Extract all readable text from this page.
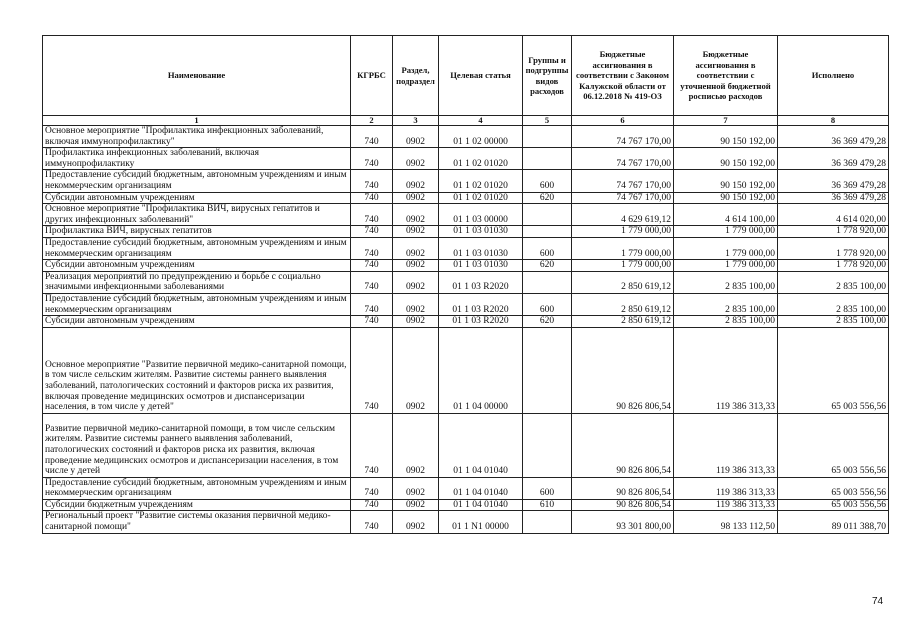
Наименование	КГРБС	Раздел, подраздел	Целевая статья	Группы и подгруппы видов расходов	Бюджетные ассигнования в соответствии с Законом Калужской области от 06.12.2018 № 419-ОЗ	Бюджетные ассигнования в соответствии с уточненной бюджетной росписью расходов	Исполнено
1	2	3	4	5	6	7	8
Основное мероприятие "Профилактика инфекционных заболеваний, включая иммунопрофилактику"	740	0902	01 1 02 00000		74 767 170,00	90 150 192,00	36 369 479,28
Профилактика инфекционных заболеваний, включая иммунопрофилактику	740	0902	01 1 02 01020		74 767 170,00	90 150 192,00	36 369 479,28
Предоставление субсидий бюджетным, автономным учреждениям и иным некоммерческим организациям	740	0902	01 1 02 01020	600	74 767 170,00	90 150 192,00	36 369 479,28
Субсидии автономным учреждениям	740	0902	01 1 02 01020	620	74 767 170,00	90 150 192,00	36 369 479,28
Основное мероприятие "Профилактика ВИЧ, вирусных гепатитов и других инфекционных заболеваний"	740	0902	01 1 03 00000		4 629 619,12	4 614 100,00	4 614 020,00
Профилактика ВИЧ, вирусных гепатитов	740	0902	01 1 03 01030		1 779 000,00	1 779 000,00	1 778 920,00
Предоставление субсидий бюджетным, автономным учреждениям и иным некоммерческим организациям	740	0902	01 1 03 01030	600	1 779 000,00	1 779 000,00	1 778 920,00
Субсидии автономным учреждениям	740	0902	01 1 03 01030	620	1 779 000,00	1 779 000,00	1 778 920,00
Реализация мероприятий по предупреждению и борьбе с социально значимыми инфекционными заболеваниями	740	0902	01 1 03 R2020		2 850 619,12	2 835 100,00	2 835 100,00
Предоставление субсидий бюджетным, автономным учреждениям и иным некоммерческим организациям	740	0902	01 1 03 R2020	600	2 850 619,12	2 835 100,00	2 835 100,00
Субсидии автономным учреждениям	740	0902	01 1 03 R2020	620	2 850 619,12	2 835 100,00	2 835 100,00
Основное мероприятие "Развитие первичной медико-санитарной помощи, в том числе сельским жителям. Развитие системы раннего выявления заболеваний, патологических состояний и факторов риска их развития, включая проведение медицинских осмотров и диспансеризации населения, в том числе у детей"	740	0902	01 1 04 00000		90 826 806,54	119 386 313,33	65 003 556,56
Развитие первичной медико-санитарной помощи, в том числе сельским жителям. Развитие системы раннего выявления заболеваний, патологических состояний и факторов риска их развития, включая проведение медицинских осмотров и диспансеризации населения, в том числе у детей	740	0902	01 1 04 01040		90 826 806,54	119 386 313,33	65 003 556,56
Предоставление субсидий бюджетным, автономным учреждениям и иным некоммерческим организациям	740	0902	01 1 04 01040	600	90 826 806,54	119 386 313,33	65 003 556,56
Субсидии бюджетным учреждениям	740	0902	01 1 04 01040	610	90 826 806,54	119 386 313,33	65 003 556,56
Региональный проект "Развитие системы оказания первичной медико-санитарной помощи"	740	0902	01 1 N1 00000		93 301 800,00	98 133 112,50	89 011 388,70
74
